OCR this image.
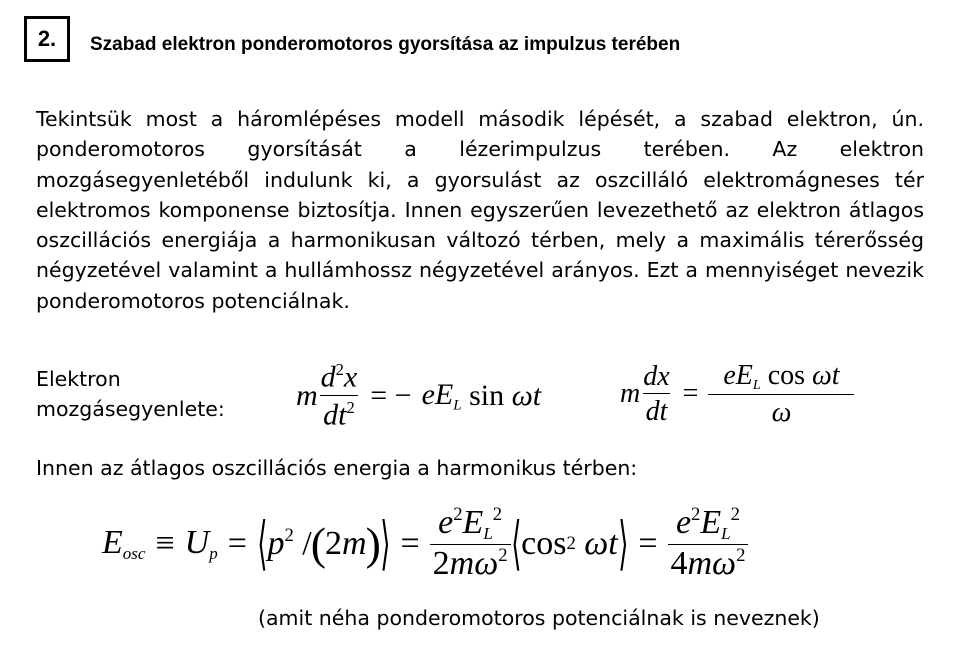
2.	Szabad elektron ponderomotoros gyorsítása az impulzus terében

Tekintsük most a háromlépéses modell második lépését, a szabad elektron, ún. ponderomotoros gyorsítását a lézerimpulzus terében. Az elektron mozgásegyenletéből indulunk ki, a gyorsulást az oszcilláló elektromágneses tér elektromos komponense biztosítja. Innen egyszerűen levezethető az elektron átlagos oszcillációs energiája a harmonikusan változó térben, mely a maximális térerősség négyzetével valamint a hullámhossz négyzetével arányos. Ezt a mennyiséget nevezik ponderomotoros potenciálnak.

Elektron
mozgásegyenlete: m $\frac{d^2x}{dt^2}$ = − $eE_L$ sin ωt	m $\frac{dx}{dt} = \frac{eE_L \cos \omega t}{\omega}$
Innen az átlagos oszcillációs energia a harmonikus térben:
$E_{osc} \equiv U_p$ = ⟨ $p^2$ / ( 2 m ) ⟩ = $\frac{e^2E_L^2}{2m\omega^2}$ ⟨ cos 2 ωt ⟩ = $\frac{e^2E_L^2}{4m\omega^2}$
(amit néha ponderomotoros potenciálnak is neveznek)
